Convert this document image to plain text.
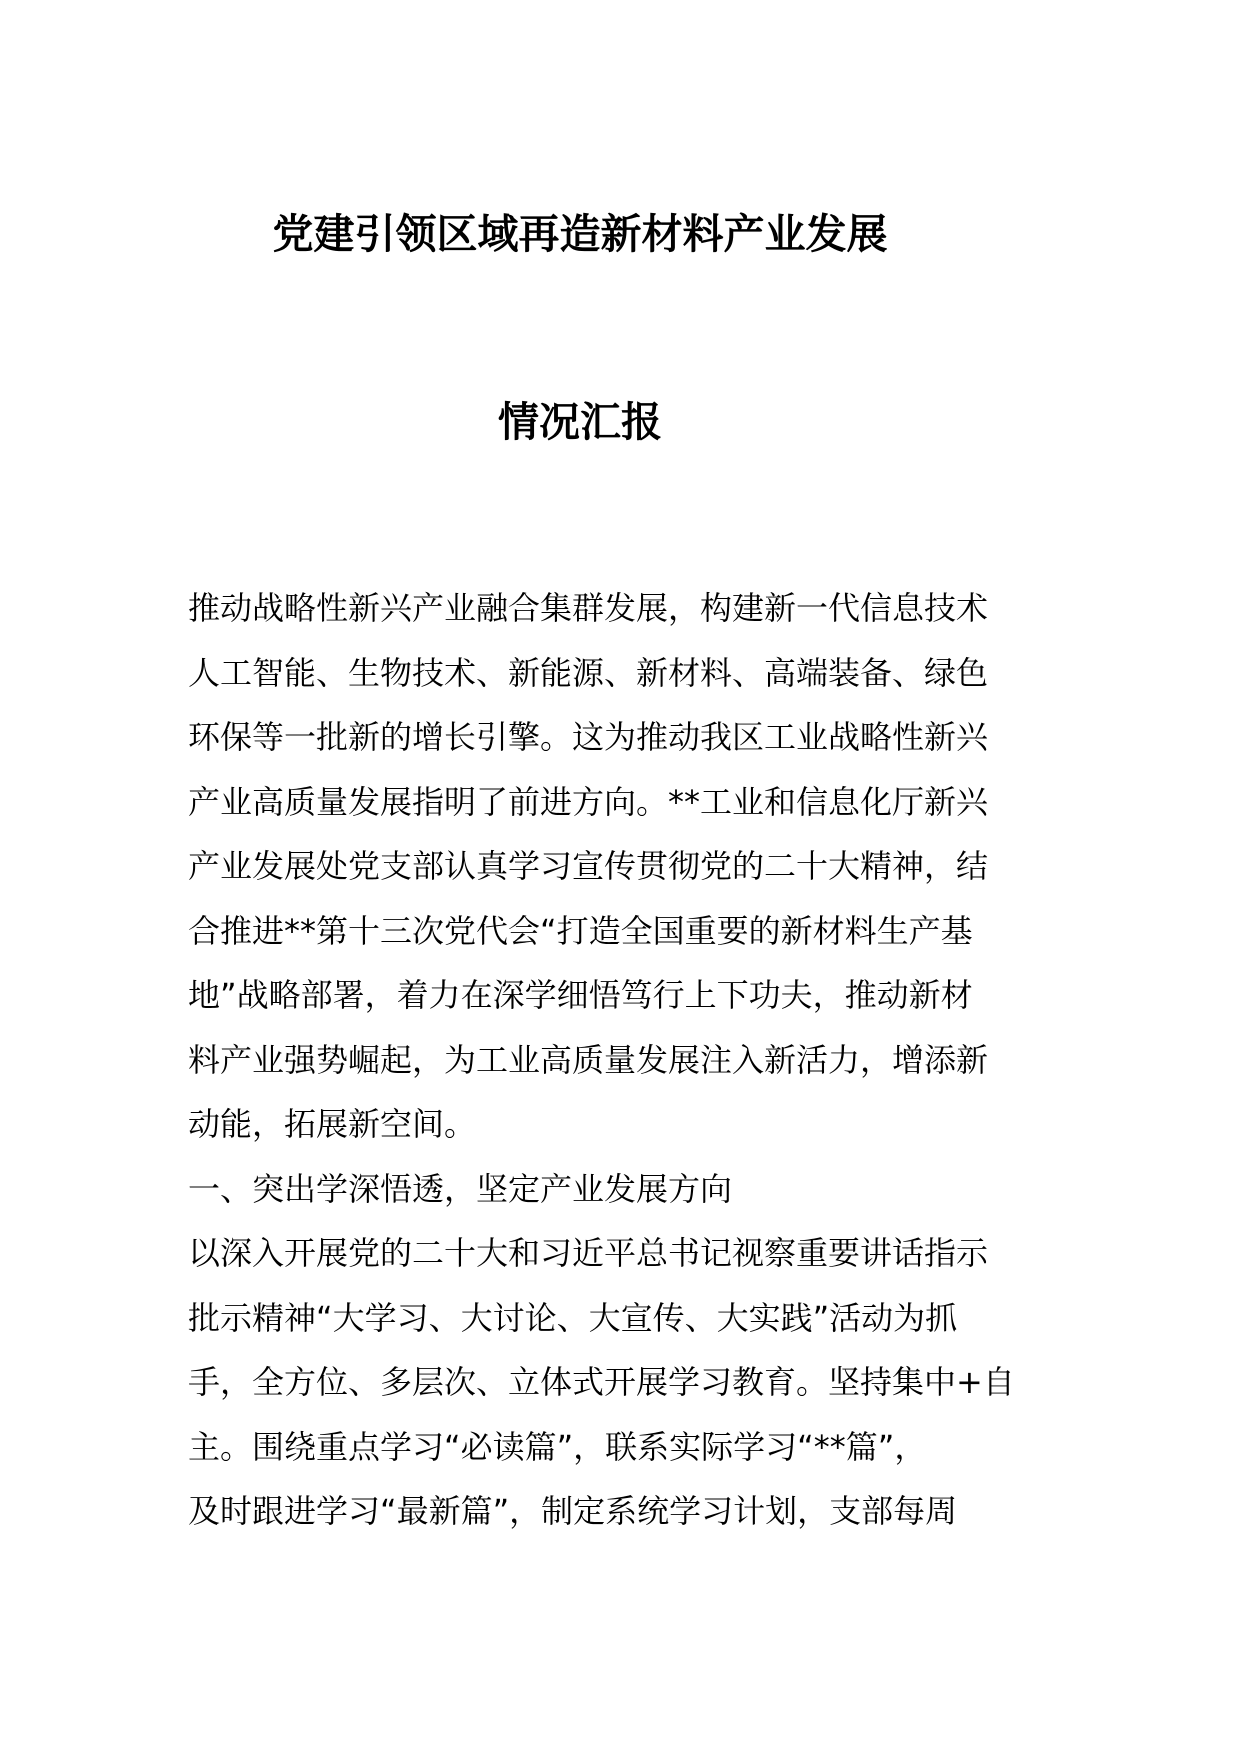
党建引领区域再造新材料产业发展
情况汇报
推动战略性新兴产业融合集群发展，构建新一代信息技术
人工智能、生物技术、新能源、新材料、高端装备、绿色
环保等一批新的增长引擎。这为推动我区工业战略性新兴
产业高质量发展指明了前进方向。**工业和信息化厅新兴
产业发展处党支部认真学习宣传贯彻党的二十大精神，结
合推进**第十三次党代会“打造全国重要的新材料生产基
地”战略部署，着力在深学细悟笃行上下功夫，推动新材
料产业强势崛起，为工业高质量发展注入新活力，增添新
动能，拓展新空间。
一、突出学深悟透，坚定产业发展方向
以深入开展党的二十大和习近平总书记视察重要讲话指示
批示精神“大学习、大讨论、大宣传、大实践”活动为抓
手，全方位、多层次、立体式开展学习教育。坚持集中+自
主。围绕重点学习“必读篇”，联系实际学习“**篇”，
及时跟进学习“最新篇”，制定系统学习计划，支部每周
